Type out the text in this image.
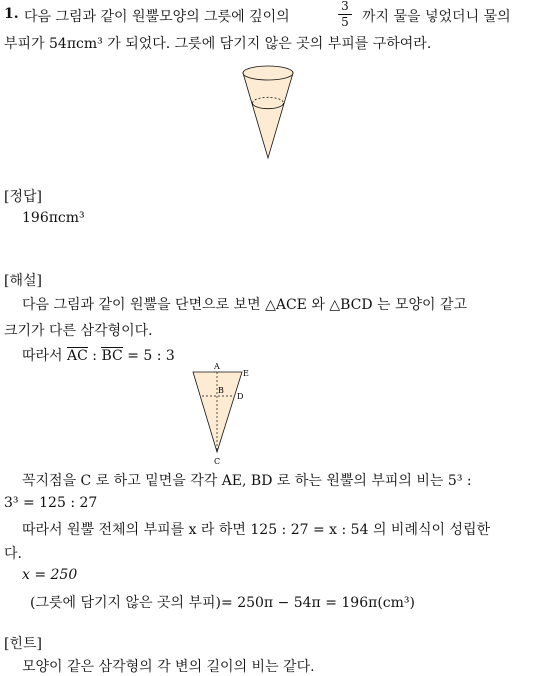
1. 다음 그림과 같이 원뿔모양의 그릇에 깊이의
3
5 까지 물을 넣었더니 물의
부피가 54πcm³ 가 되었다. 그릇에 담기지 않은 곳의 부피를 구하여라.
[정답]
196πcm³
[해설]
다음 그림과 같이 원뿔을 단면으로 보면 △ACE 와 △BCD 는 모양이 같고
크기가 다른 삼각형이다.
따라서 AC : BC = 5 : 3
A
E
B
D
C
꼭지점을 C 로 하고 밑면을 각각 AE, BD 로 하는 원뿔의 부피의 비는 5³ :
3³ = 125 : 27
따라서 원뿔 전체의 부피를 x 라 하면 125 : 27 = x : 54 의 비례식이 성립한
다.
x = 250
(그릇에 담기지 않은 곳의 부피)= 250π − 54π = 196π(cm³)
[힌트]
모양이 같은 삼각형의 각 변의 길이의 비는 같다.
